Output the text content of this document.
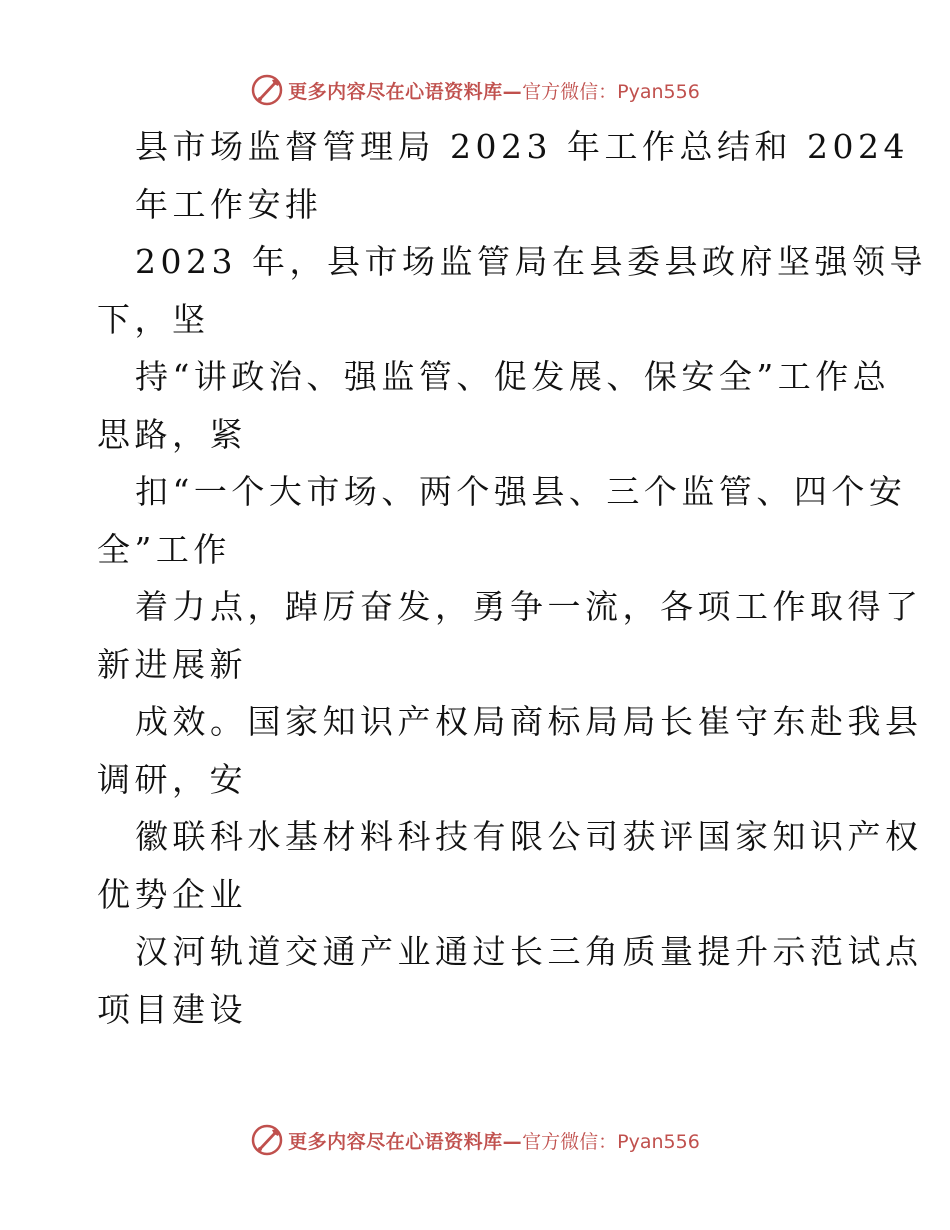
更多内容尽在心语资料库— 官方微信：Pyan556
县市场监督管理局 2023 年工作总结和 2024
年工作安排
2023 年，县市场监管局在县委县政府坚强领导
下，坚
持“讲政治、强监管、促发展、保安全”工作总
思路，紧
扣“一个大市场、两个强县、三个监管、四个安
全”工作
着力点，踔厉奋发，勇争一流，各项工作取得了
新进展新
成效。国家知识产权局商标局局长崔守东赴我县
调研，安
徽联科水基材料科技有限公司获评国家知识产权
优势企业
汉河轨道交通产业通过长三角质量提升示范试点
项目建设
更多内容尽在心语资料库— 官方微信：Pyan556
